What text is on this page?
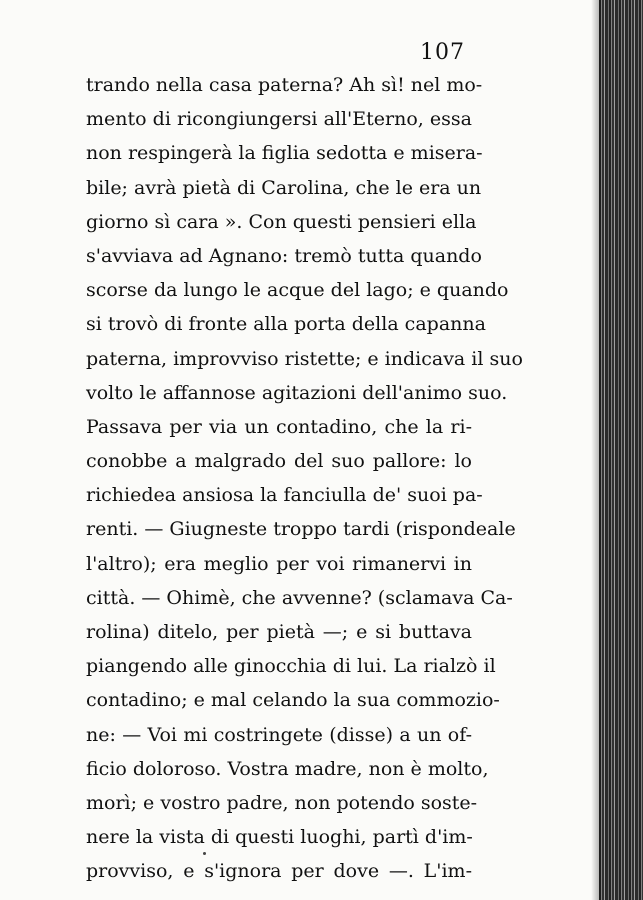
107
trando nella casa paterna? Ah sì! nel mo-
mento di ricongiungersi all'Eterno, essa
non respingerà la figlia sedotta e misera-
bile; avrà pietà di Carolina, che le era un
giorno sì cara ». Con questi pensieri ella
s'avviava ad Agnano: tremò tutta quando
scorse da lungo le acque del lago; e quando
si trovò di fronte alla porta della capanna
paterna, improvviso ristette; e indicava il suo
volto le affannose agitazioni dell'animo suo.
Passava per via un contadino, che la ri-
conobbe a malgrado del suo pallore: lo
richiedea ansiosa la fanciulla de' suoi pa-
renti. — Giugneste troppo tardi (rispondeale
l'altro); era meglio per voi rimanervi in
città. — Ohimè, che avvenne? (sclamava Ca-
rolina) ditelo, per pietà —; e si buttava
piangendo alle ginocchia di lui. La rialzò il
contadino; e mal celando la sua commozio-
ne: — Voi mi costringete (disse) a un of-
ficio doloroso. Vostra madre, non è molto,
morì; e vostro padre, non potendo soste-
nere la vista di questi luoghi, partì d'im-
provviso, e s'ignora per dove —. L'im-
